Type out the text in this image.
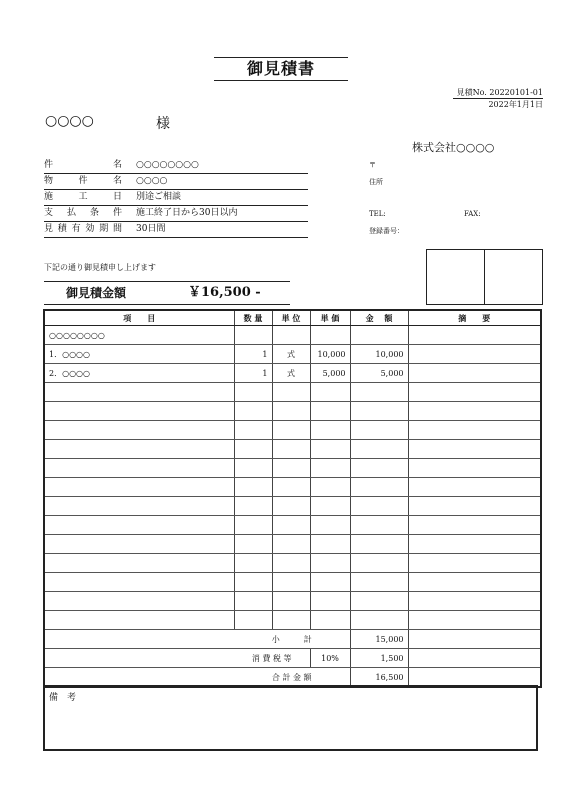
御見積書
見積No. 20220101-01
2022年1月1日
○○○○	様
株式会社○○○○
件	名	○○○○○○○○
物	件	名	○○○○
施	工	日	別途ご相談
支 払 条 件	施工終了日から30日以内
見 積 有 効 期 間	30日間
〒
住所
TEL:	FAX:
登録番号：
下記の通り御見積申し上げます
御見積金額	￥16,500 -
項　　目	数 量	単 位	単 価	金　 額	摘　　要
○○○○○○○○					
1．○○○○	1	式	10,000	10,000	
2．○○○○	1	式	5,000	5,000	

	小　　　計			15,000	
	消 費 税 等		10%	1,500	
	合 計 金 額			16,500	
備　考
